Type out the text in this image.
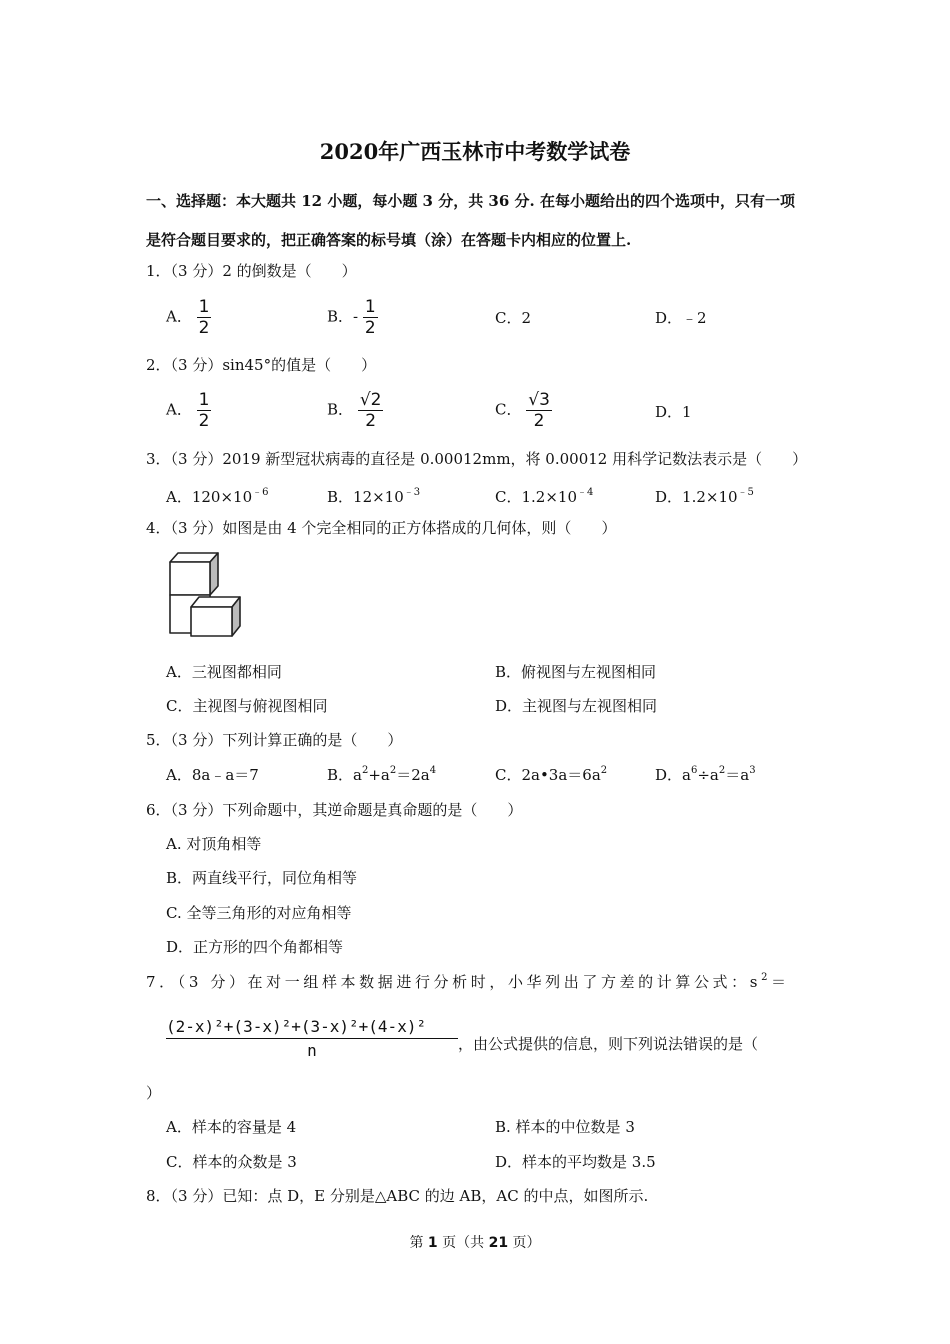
2020年广西玉林市中考数学试卷
一、选择题：本大题共 12 小题，每小题 3 分，共 36 分. 在每小题给出的四个选项中，只有一项
是符合题目要求的，把正确答案的标号填（涂）在答题卡内相应的位置上.
1．（3 分）2 的倒数是（　　）
A． $\frac{1}{2}$	B．- $\frac{1}{2}$	C．2	D．﹣2
2．（3 分）sin45°的值是（　　）
A． $\frac{1}{2}$	B． $\frac{√2}{2}$	C． $\frac{√3}{2}$	D．1
3．（3 分）2019 新型冠状病毒的直径是 0.00012mm，将 0.00012 用科学记数法表示是（　　）
A．$120\times 10^{﹣6}$	B．$12\times 10^{﹣3}$	C．$1.2\times 10^{﹣4}$	D．$1.2\times 10^{﹣5}$
4．（3 分）如图是由 4 个完全相同的正方体搭成的几何体，则（　　）
A．三视图都相同	B．俯视图与左视图相同
C．主视图与俯视图相同	D．主视图与左视图相同
5．（3 分）下列计算正确的是（　　）
A．8a﹣a＝7	B．$a^2+a^2=2a^4$	C．$2a•3a=6a^2$	D．$a^6\div a^2=a^3$
6．（3 分）下列命题中，其逆命题是真命题的是（　　）
A. 对顶角相等
B．两直线平行，同位角相等
C. 全等三角形的对应角相等
D．正方形的四个角都相等
7．（3 分）在对一组样本数据进行分析时，小华列出了方差的计算公式：$s^2=$
$\frac{\text{(2-x)²+(3-x)²+(3-x)²+(4-x)²}}{n}$ ，由公式提供的信息，则下列说法错误的是（
）
A．样本的容量是 4	B. 样本的中位数是 3
C．样本的众数是 3	D．样本的平均数是 3.5
8．（3 分）已知：点 D，E 分别是△ABC 的边 AB，AC 的中点，如图所示.
第 1 页（共 21 页）
